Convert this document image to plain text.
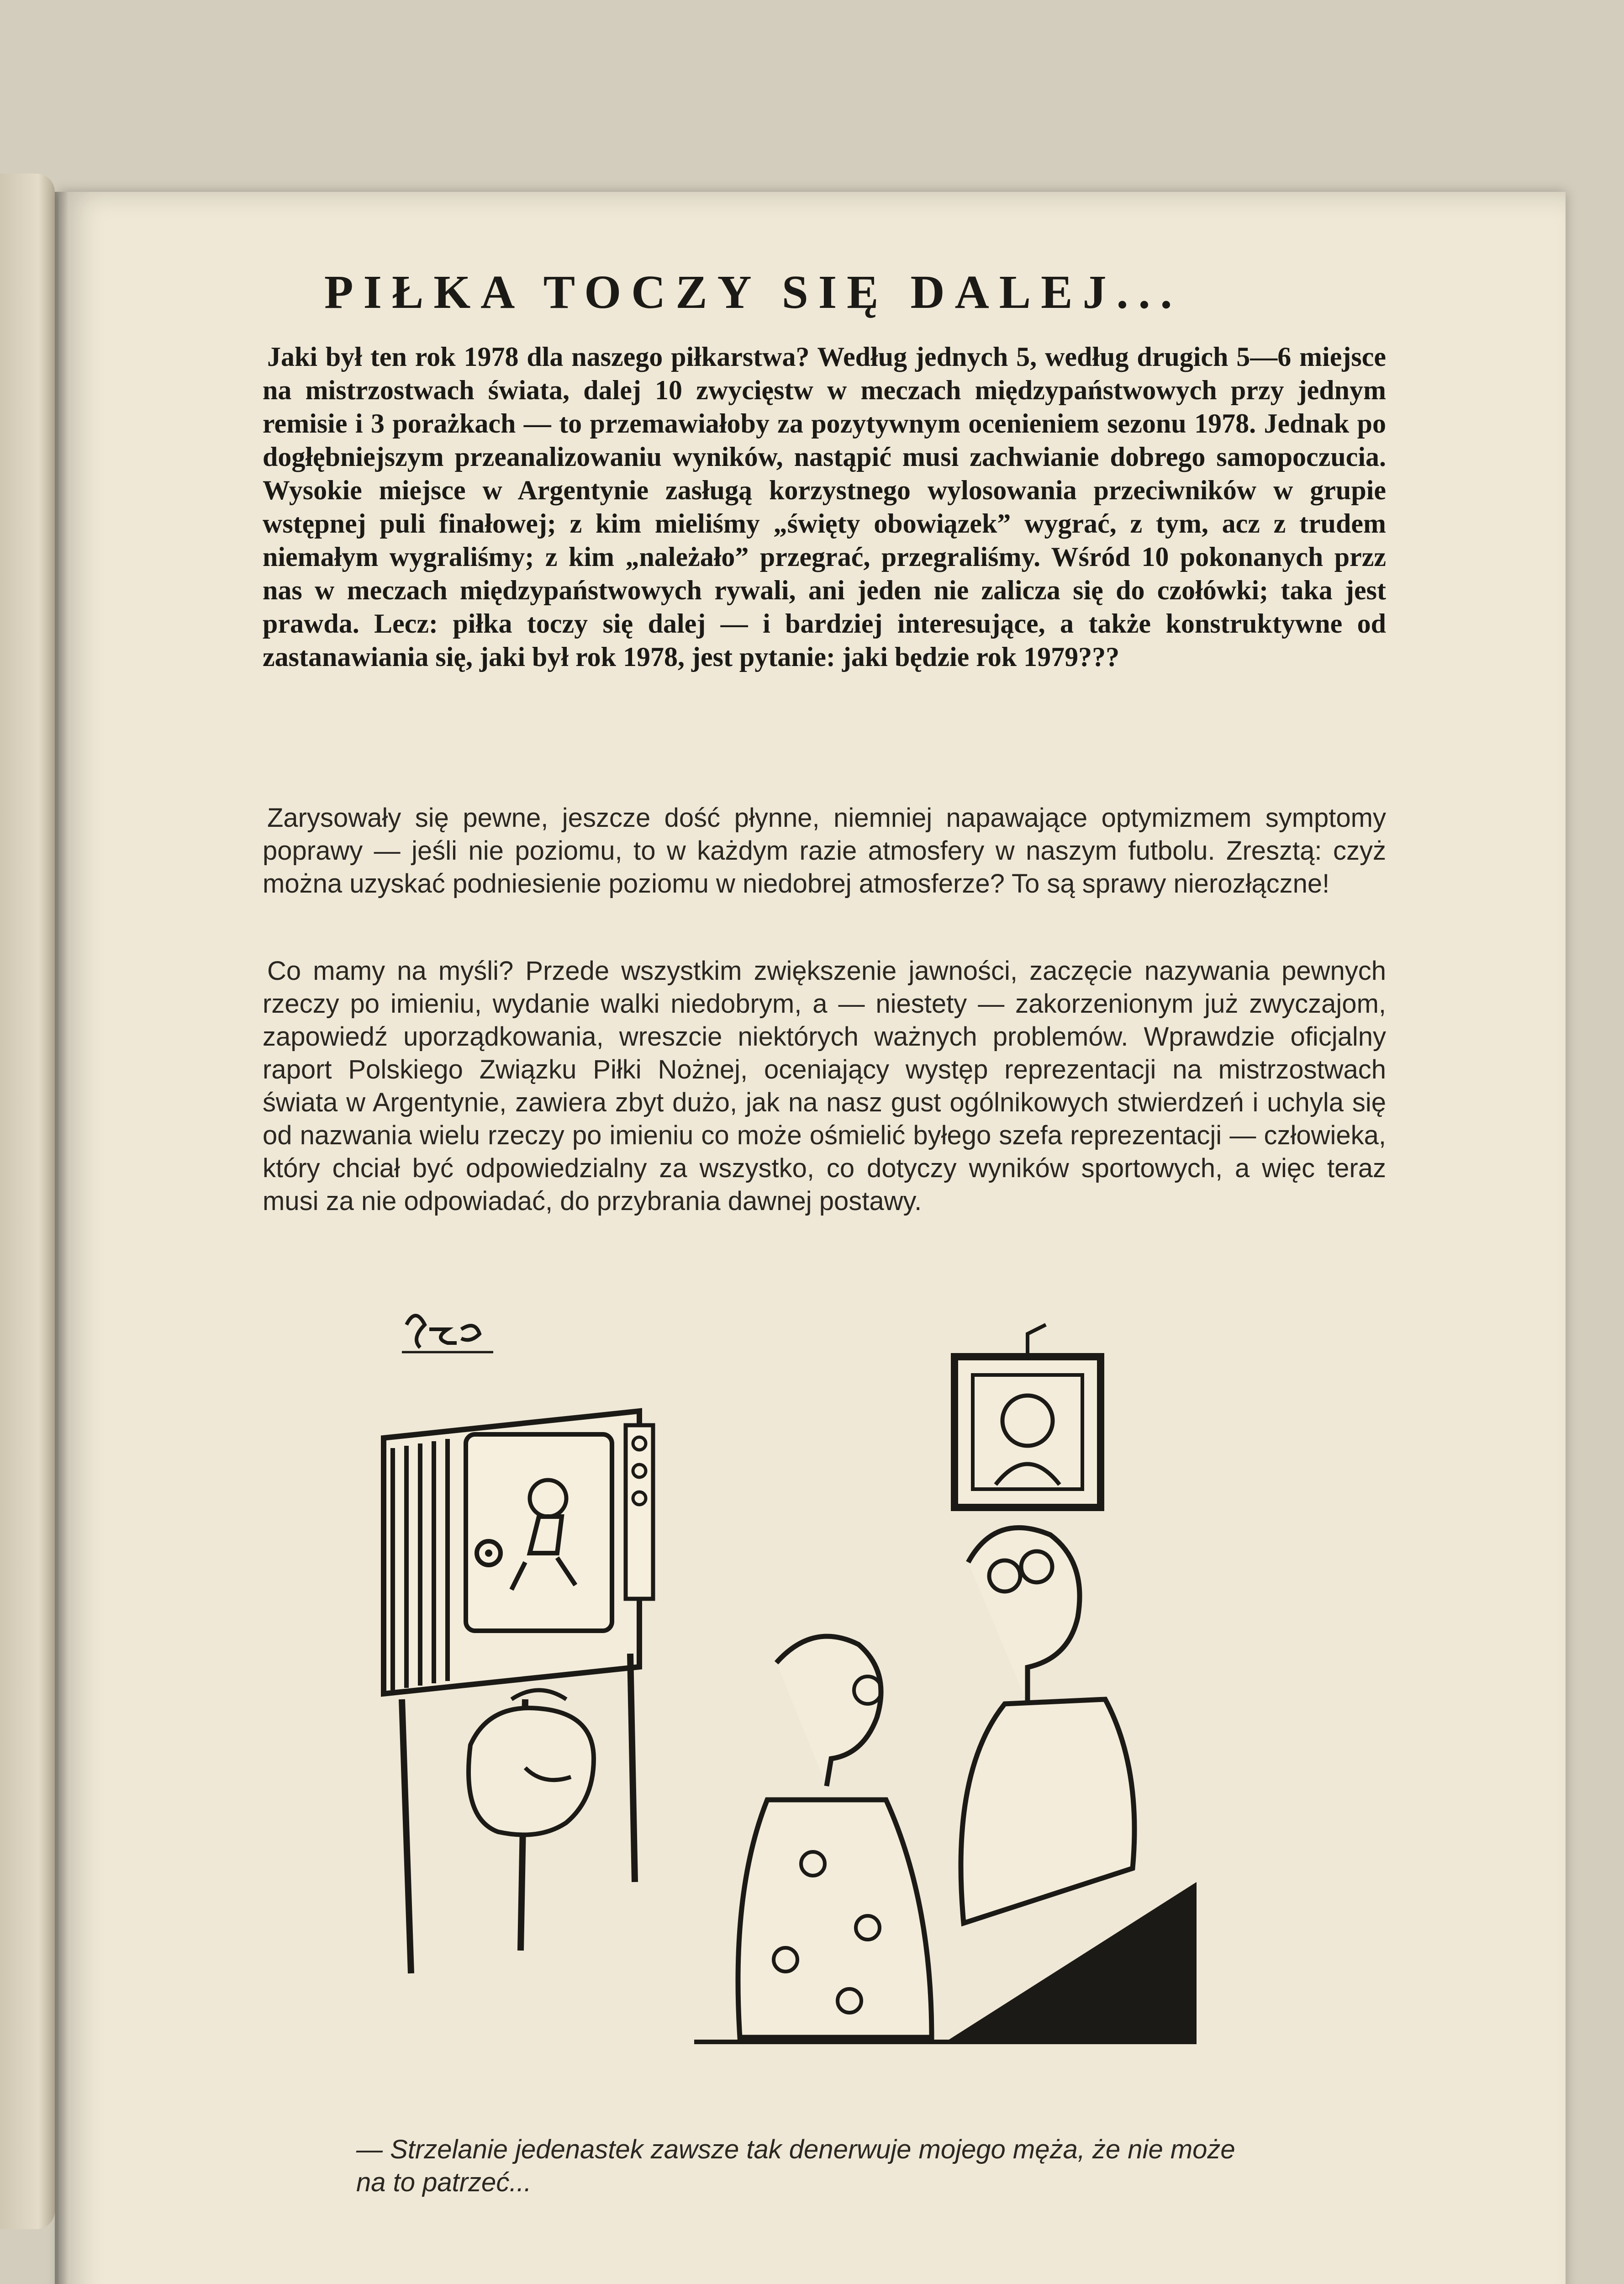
PIŁKA TOCZY SIĘ DALEJ...

Jaki był ten rok 1978 dla naszego piłkarstwa? Według jednych 5, według drugich 5—6 miejsce na mistrzostwach świata, dalej 10 zwycięstw w meczach międzypaństwowych przy jednym remisie i 3 porażkach — to przemawiałoby za pozytywnym ocenieniem sezonu 1978. Jednak po dogłębniejszym przeanalizowaniu wyników, nastąpić musi zachwianie dobrego samopoczucia. Wysokie miejsce w Argentynie zasługą korzystnego wylosowania przeciwników w grupie wstępnej puli finałowej; z kim mieliśmy „święty obowiązek” wygrać, z tym, acz z trudem niemałym wygraliśmy; z kim „należało” przegrać, przegraliśmy. Wśród 10 pokonanych przz nas w meczach międzypaństwowych rywali, ani jeden nie zalicza się do czołówki; taka jest prawda. Lecz: piłka toczy się dalej — i bardziej interesujące, a także konstruktywne od zastanawiania się, jaki był rok 1978, jest pytanie: jaki będzie rok 1979???

Zarysowały się pewne, jeszcze dość płynne, niemniej napawające optymizmem symptomy poprawy — jeśli nie poziomu, to w każdym razie atmosfery w naszym futbolu. Zresztą: czyż można uzyskać podniesienie poziomu w niedobrej atmosferze? To są sprawy nierozłączne!

Co mamy na myśli? Przede wszystkim zwiększenie jawności, zaczęcie nazywania pewnych rzeczy po imieniu, wydanie walki niedobrym, a — niestety — zakorzenionym już zwyczajom, zapowiedź uporządkowania, wreszcie niektórych ważnych problemów. Wprawdzie oficjalny raport Polskiego Związku Piłki Nożnej, oceniający występ reprezentacji na mistrzostwach świata w Argentynie, zawiera zbyt dużo, jak na nasz gust ogólnikowych stwierdzeń i uchyla się od nazwania wielu rzeczy po imieniu co może ośmielić byłego szefa reprezentacji — człowieka, który chciał być odpowiedzialny za wszystko, co dotyczy wyników sportowych, a więc teraz musi za nie odpowiadać, do przybrania dawnej postawy.

— Strzelanie jedenastek zawsze tak denerwuje mojego męża, że nie może na to patrzeć...
